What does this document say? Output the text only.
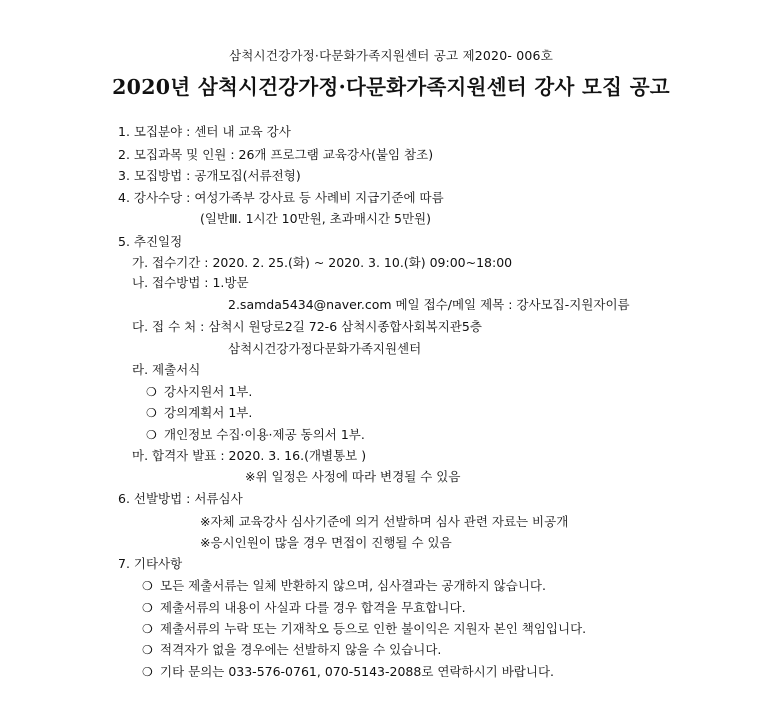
삼척시건강가정·다문화가족지원센터 공고 제2020- 006호
2020년 삼척시건강가정·다문화가족지원센터 강사 모집 공고
1. 모집분야 : 센터 내 교육 강사
2. 모집과목 및 인원 : 26개 프로그램 교육강사(붙임 참조)
3. 모집방법 : 공개모집(서류전형)
4. 강사수당 : 여성가족부 강사료 등 사례비 지급기준에 따름
(일반Ⅲ. 1시간 10만원, 초과매시간 5만원)
5. 추진일정
가. 접수기간 : 2020. 2. 25.(화) ~ 2020. 3. 10.(화) 09:00~18:00
나. 접수방법 : 1.방문
2.samda5434@naver.com 메일 접수/메일 제목 : 강사모집-지원자이름
다. 접 수 처 : 삼척시 원당로2길 72-6 삼척시종합사회복지관5층
삼척시건강가정다문화가족지원센터
라. 제출서식
❍ 강사지원서 1부.
❍ 강의계획서 1부.
❍ 개인정보 수집·이용·제공 동의서 1부.
마. 합격자 발표 : 2020. 3. 16.(개별통보 )
※위 일정은 사정에 따라 변경될 수 있음
6. 선발방법 : 서류심사
※자체 교육강사 심사기준에 의거 선발하며 심사 관련 자료는 비공개
※응시인원이 많을 경우 면접이 진행될 수 있음
7. 기타사항
❍ 모든 제출서류는 일체 반환하지 않으며, 심사결과는 공개하지 않습니다.
❍ 제출서류의 내용이 사실과 다를 경우 합격을 무효합니다.
❍ 제출서류의 누락 또는 기재착오 등으로 인한 불이익은 지원자 본인 책임입니다.
❍ 적격자가 없을 경우에는 선발하지 않을 수 있습니다.
❍ 기타 문의는 033-576-0761, 070-5143-2088로 연락하시기 바랍니다.
